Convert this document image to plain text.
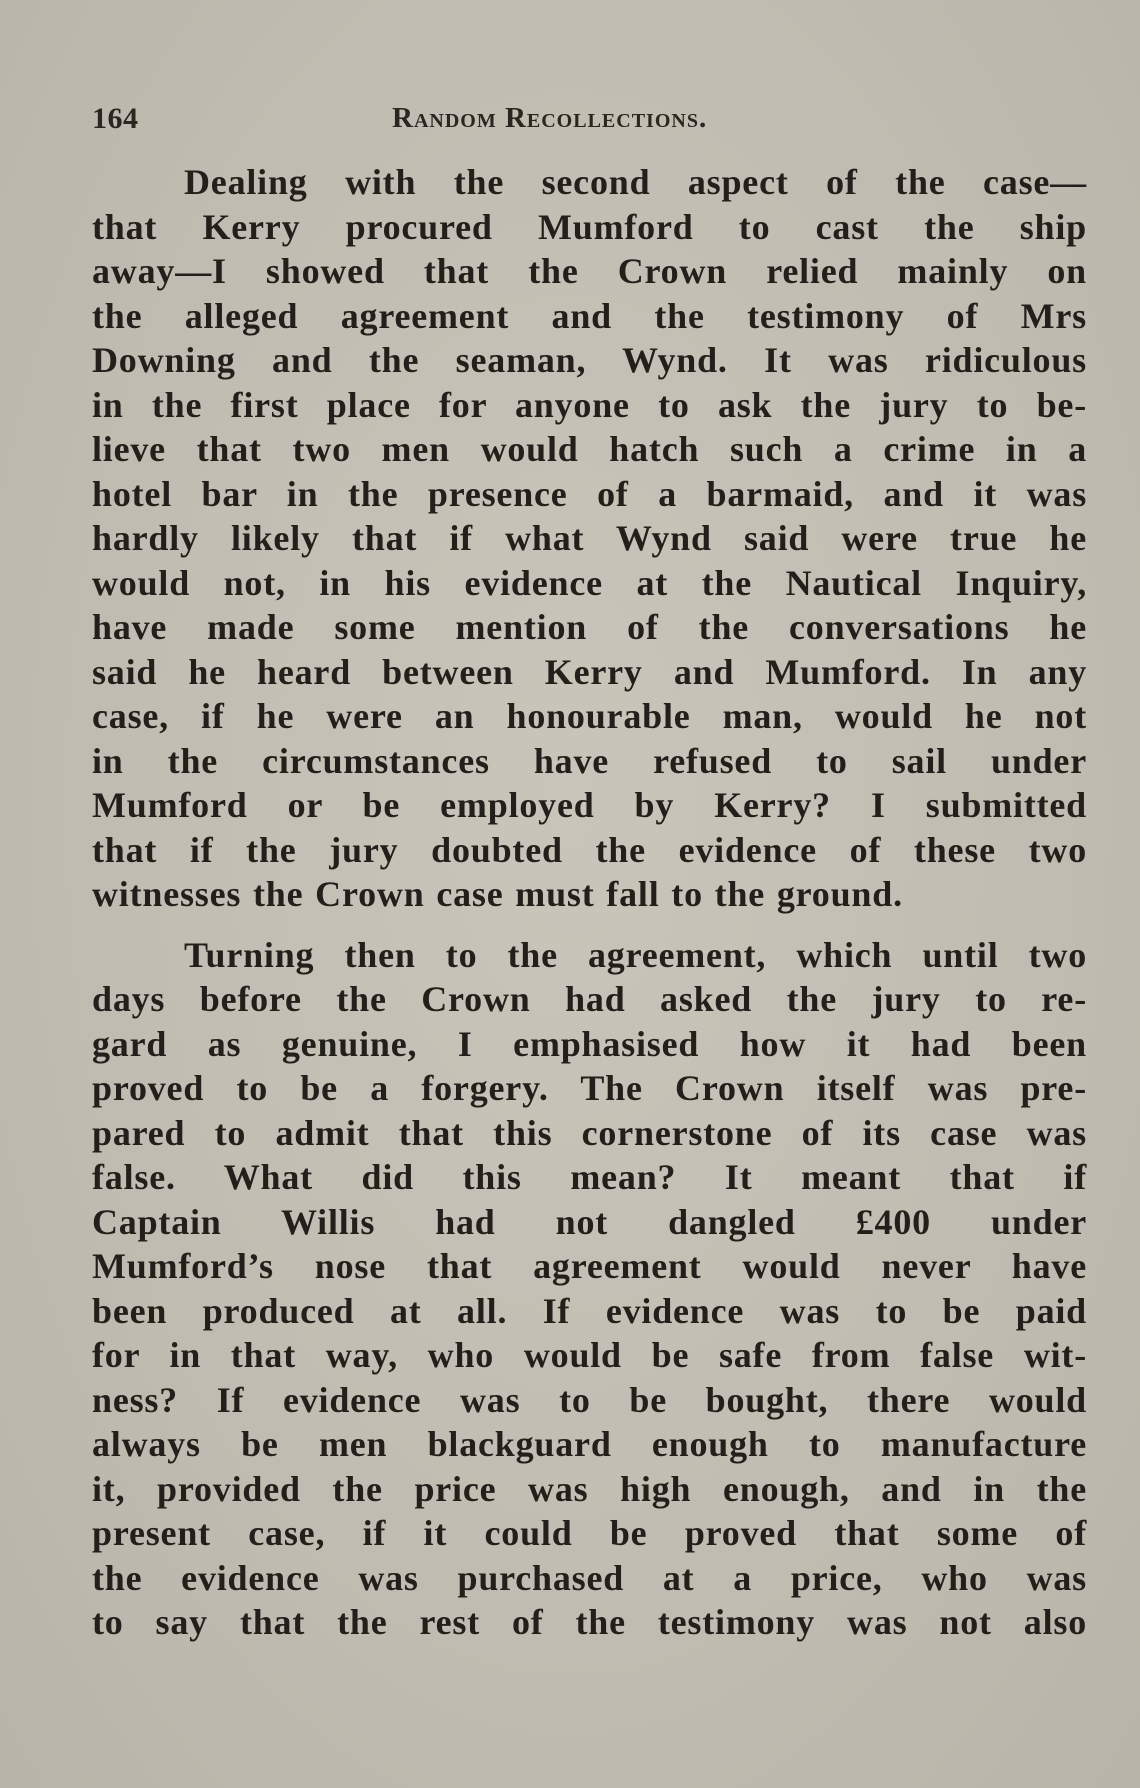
164	Random Recollections.
Dealing with the second aspect of the case—
that Kerry procured Mumford to cast the ship
away—I showed that the Crown relied mainly on
the alleged agreement and the testimony of Mrs
Downing and the seaman, Wynd. It was ridiculous
in the first place for anyone to ask the jury to be-
lieve that two men would hatch such a crime in a
hotel bar in the presence of a barmaid, and it was
hardly likely that if what Wynd said were true he
would not, in his evidence at the Nautical Inquiry,
have made some mention of the conversations he
said he heard between Kerry and Mumford. In any
case, if he were an honourable man, would he not
in the circumstances have refused to sail under
Mumford or be employed by Kerry? I submitted
that if the jury doubted the evidence of these two
witnesses the Crown case must fall to the ground.
Turning then to the agreement, which until two
days before the Crown had asked the jury to re-
gard as genuine, I emphasised how it had been
proved to be a forgery. The Crown itself was pre-
pared to admit that this cornerstone of its case was
false. What did this mean? It meant that if
Captain Willis had not dangled £400 under
Mumford’s nose that agreement would never have
been produced at all. If evidence was to be paid
for in that way, who would be safe from false wit-
ness? If evidence was to be bought, there would
always be men blackguard enough to manufacture
it, provided the price was high enough, and in the
present case, if it could be proved that some of
the evidence was purchased at a price, who was
to say that the rest of the testimony was not also
